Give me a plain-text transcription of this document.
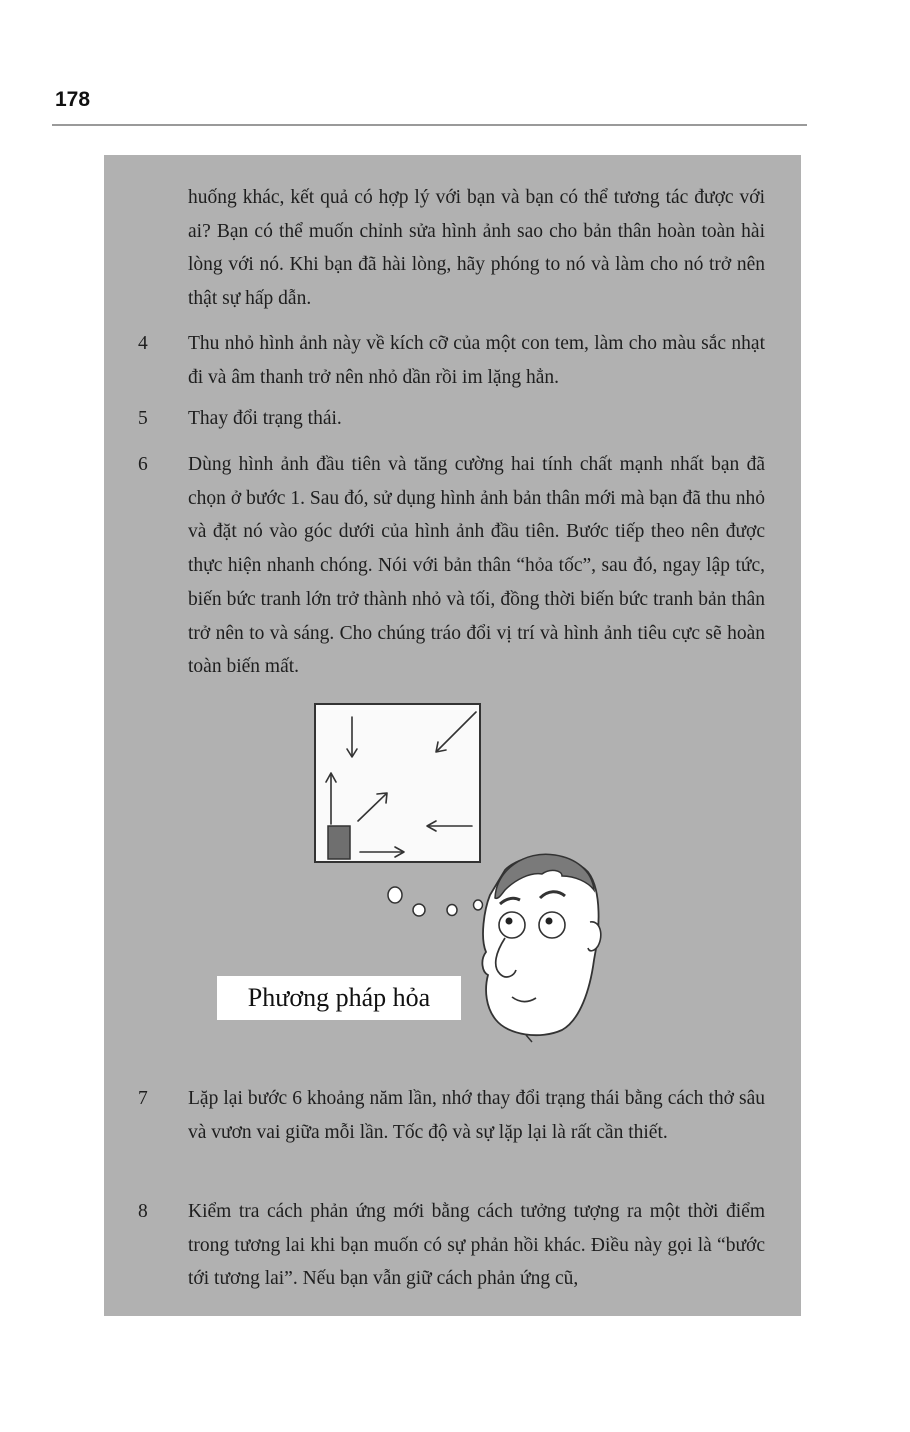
178

huống khác, kết quả có hợp lý với bạn và bạn có thể tương tác được với ai? Bạn có thể muốn chỉnh sửa hình ảnh sao cho bản thân hoàn toàn hài lòng với nó. Khi bạn đã hài lòng, hãy phóng to nó và làm cho nó trở nên thật sự hấp dẫn.

4 Thu nhỏ hình ảnh này về kích cỡ của một con tem, làm cho màu sắc nhạt đi và âm thanh trở nên nhỏ dần rồi im lặng hẳn.

5 Thay đổi trạng thái.

6 Dùng hình ảnh đầu tiên và tăng cường hai tính chất mạnh nhất bạn đã chọn ở bước 1. Sau đó, sử dụng hình ảnh bản thân mới mà bạn đã thu nhỏ và đặt nó vào góc dưới của hình ảnh đầu tiên. Bước tiếp theo nên được thực hiện nhanh chóng. Nói với bản thân “hỏa tốc”, sau đó, ngay lập tức, biến bức tranh lớn trở thành nhỏ và tối, đồng thời biến bức tranh bản thân trở nên to và sáng. Cho chúng tráo đổi vị trí và hình ảnh tiêu cực sẽ hoàn toàn biến mất.

Phương pháp hỏa
7 Lặp lại bước 6 khoảng năm lần, nhớ thay đổi trạng thái bằng cách thở sâu và vươn vai giữa mỗi lần. Tốc độ và sự lặp lại là rất cần thiết.

8 Kiểm tra cách phản ứng mới bằng cách tưởng tượng ra một thời điểm trong tương lai khi bạn muốn có sự phản hồi khác. Điều này gọi là “bước tới tương lai”. Nếu bạn vẫn giữ cách phản ứng cũ,
